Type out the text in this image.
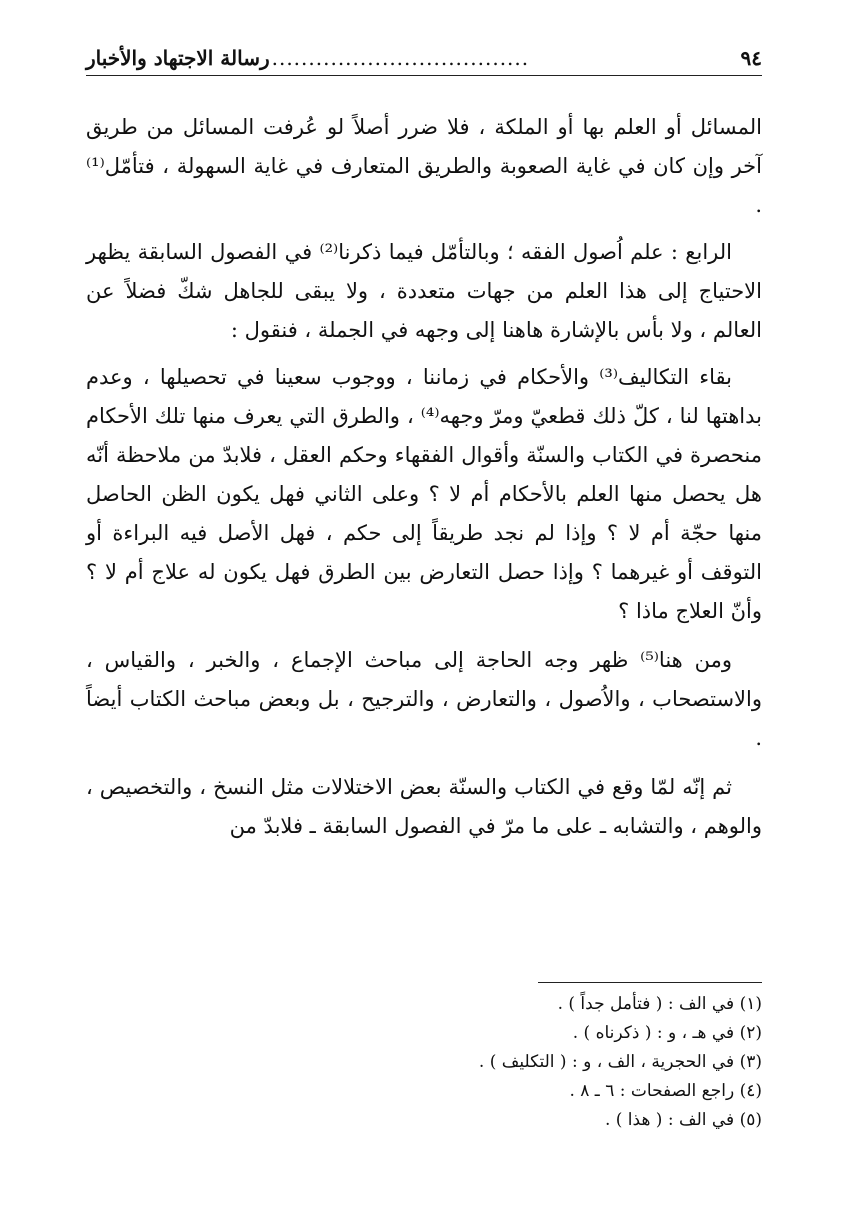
٩٤
...................................
رسالة الاجتهاد والأخبار

المسائل أو العلم بها أو الملكة ، فلا ضرر أصلاً لو عُرفت المسائل من طريق آخر وإن كان في غاية الصعوبة والطريق المتعارف في غاية السهولة ، فتأمّل⁽¹⁾ .

الرابع : علم اُصول الفقه ؛ وبالتأمّل فيما ذكرنا⁽²⁾ في الفصول السابقة يظهر الاحتياج إلى هذا العلم من جهات متعددة ، ولا يبقى للجاهل شكّ فضلاً عن العالم ، ولا بأس بالإشارة هاهنا إلى وجهه في الجملة ، فنقول :

بقاء التكاليف⁽³⁾ والأحكام في زماننا ، ووجوب سعينا في تحصيلها ، وعدم بداهتها لنا ، كلّ ذلك قطعيّ ومرّ وجهه⁽⁴⁾ ، والطرق التي يعرف منها تلك الأحكام منحصرة في الكتاب والسنّة وأقوال الفقهاء وحكم العقل ، فلابدّ من ملاحظة أنّه هل يحصل منها العلم بالأحكام أم لا ؟ وعلى الثاني فهل يكون الظن الحاصل منها حجّة أم لا ؟ وإذا لم نجد طريقاً إلى حكم ، فهل الأصل فيه البراءة أو التوقف أو غيرهما ؟ وإذا حصل التعارض بين الطرق فهل يكون له علاج أم لا ؟ وأنّ العلاج ماذا ؟

ومن هنا⁽⁵⁾ ظهر وجه الحاجة إلى مباحث الإجماع ، والخبر ، والقياس ، والاستصحاب ، والاُصول ، والتعارض ، والترجيح ، بل وبعض مباحث الكتاب أيضاً .

ثم إنّه لمّا وقع في الكتاب والسنّة بعض الاختلالات مثل النسخ ، والتخصيص ، والوهم ، والتشابه ـ على ما مرّ في الفصول السابقة ـ فلابدّ من

(١) في الف : ( فتأمل جداً ) .

(٢) في هـ ، و : ( ذكرناه ) .

(٣) في الحجرية ، الف ، و : ( التكليف ) .

(٤) راجع الصفحات : ٦ ـ ٨ .

(٥) في الف : ( هذا ) .
